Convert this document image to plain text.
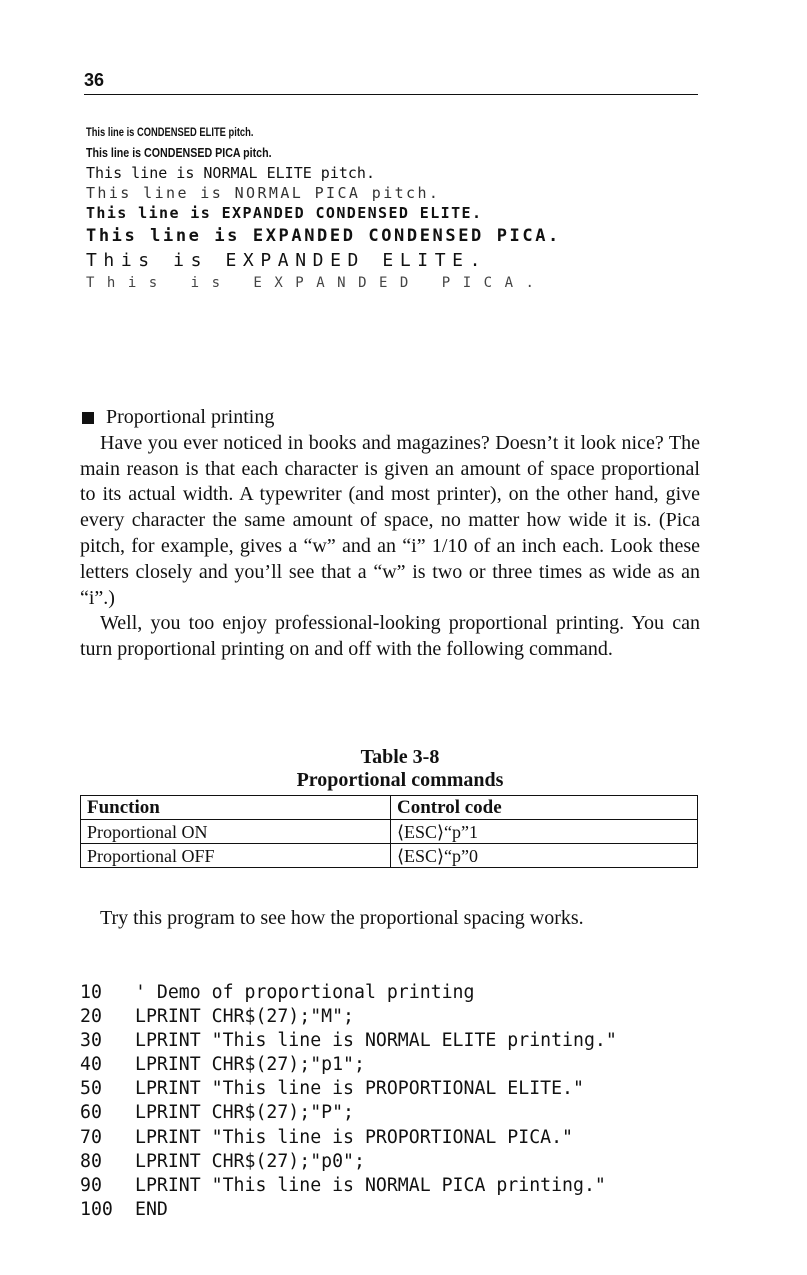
36
This line is CONDENSED ELITE pitch.
This line is CONDENSED PICA pitch.
This line is NORMAL ELITE pitch.
This line is NORMAL PICA pitch.
This line is EXPANDED CONDENSED ELITE.
This line is EXPANDED CONDENSED PICA.
This is EXPANDED ELITE.
This is EXPANDED PICA.
Proportional printing

Have you ever noticed in books and magazines? Doesn’t it look nice? The main reason is that each character is given an amount of space proportional to its actual width. A typewriter (and most printer), on the other hand, give every character the same amount of space, no matter how wide it is. (Pica pitch, for example, gives a “w” and an “i” 1/10 of an inch each. Look these letters closely and you’ll see that a “w” is two or three times as wide as an “i”.)

Well, you too enjoy professional-looking proportional printing. You can turn proportional printing on and off with the following command.

Table 3-8
Proportional commands
Function	Control code
Proportional ON	⟨ESC⟩“p”1
Proportional OFF	⟨ESC⟩“p”0
Try this program to see how the proportional spacing works.
10	' Demo of proportional printing
20	LPRINT CHR$(27);"M";
30	LPRINT "This line is NORMAL ELITE printing."
40	LPRINT CHR$(27);"p1";
50	LPRINT "This line is PROPORTIONAL ELITE."
60	LPRINT CHR$(27);"P";
70	LPRINT "This line is PROPORTIONAL PICA."
80	LPRINT CHR$(27);"p0";
90	LPRINT "This line is NORMAL PICA printing."
100	END
